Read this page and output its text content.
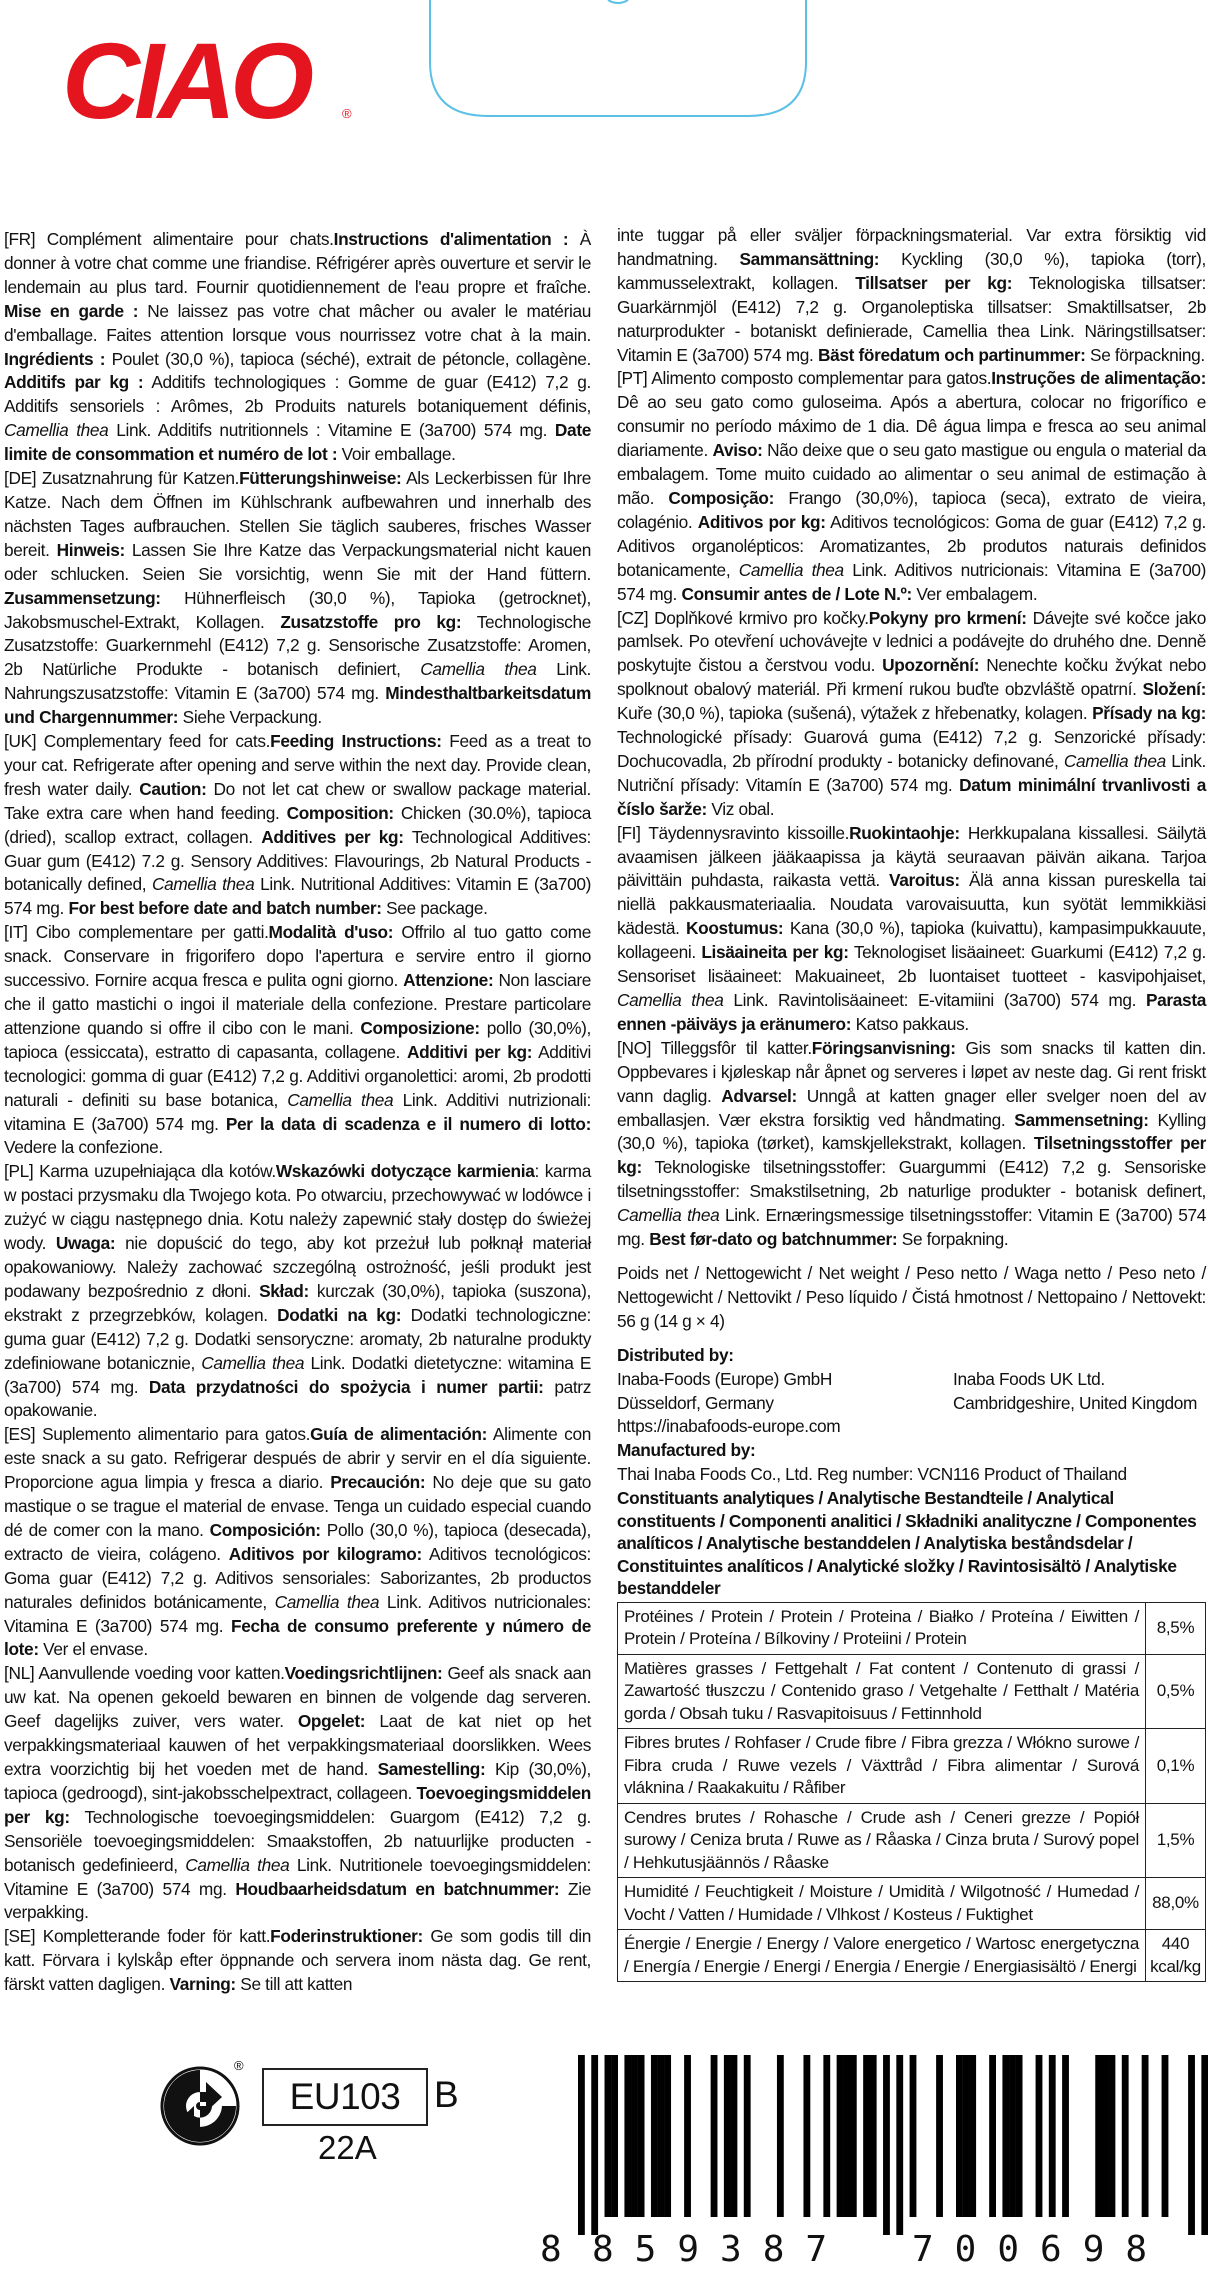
CIAO	®

[FR] Complément alimentaire pour chats.Instructions d'alimentation : À donner à votre chat comme une friandise. Réfrigérer après ouverture et servir le lendemain au plus tard. Fournir quotidiennement de l'eau propre et fraîche. Mise en garde : Ne laissez pas votre chat mâcher ou avaler le matériau d'emballage. Faites attention lorsque vous nourrissez votre chat à la main. Ingrédients : Poulet (30,0 %), tapioca (séché), extrait de pétoncle, collagène. Additifs par kg : Additifs technologiques : Gomme de guar (E412) 7,2 g. Additifs sensoriels : Arômes, 2b Produits naturels botaniquement définis, Camellia thea Link. Additifs nutritionnels : Vitamine E (3a700) 574 mg. Date limite de consommation et numéro de lot : Voir emballage.

[DE] Zusatznahrung für Katzen.Fütterungshinweise: Als Leckerbissen für Ihre Katze. Nach dem Öffnen im Kühlschrank aufbewahren und innerhalb des nächsten Tages aufbrauchen. Stellen Sie täglich sauberes, frisches Wasser bereit. Hinweis: Lassen Sie Ihre Katze das Verpackungsmaterial nicht kauen oder schlucken. Seien Sie vorsichtig, wenn Sie mit der Hand füttern. Zusammensetzung: Hühnerfleisch (30,0 %), Tapioka (getrocknet), Jakobsmuschel-Extrakt, Kollagen. Zusatzstoffe pro kg: Technologische Zusatzstoffe: Guarkernmehl (E412) 7,2 g. Sensorische Zusatzstoffe: Aromen, 2b Natürliche Produkte - botanisch definiert, Camellia thea Link. Nahrungszusatzstoffe: Vitamin E (3a700) 574 mg. Mindesthaltbarkeitsdatum und Chargennummer: Siehe Verpackung.

[UK] Complementary feed for cats.Feeding Instructions: Feed as a treat to your cat. Refrigerate after opening and serve within the next day. Provide clean, fresh water daily. Caution: Do not let cat chew or swallow package material. Take extra care when hand feeding. Composition: Chicken (30.0%), tapioca (dried), scallop extract, collagen. Additives per kg: Technological Additives: Guar gum (E412) 7.2 g. Sensory Additives: Flavourings, 2b Natural Products - botanically defined, Camellia thea Link. Nutritional Additives: Vitamin E (3a700) 574 mg. For best before date and batch number: See package.

[IT] Cibo complementare per gatti.Modalità d'uso: Offrilo al tuo gatto come snack. Conservare in frigorifero dopo l'apertura e servire entro il giorno successivo. Fornire acqua fresca e pulita ogni giorno. Attenzione: Non lasciare che il gatto mastichi o ingoi il materiale della confezione. Prestare particolare attenzione quando si offre il cibo con le mani. Composizione: pollo (30,0%), tapioca (essiccata), estratto di capasanta, collagene. Additivi per kg: Additivi tecnologici: gomma di guar (E412) 7,2 g. Additivi organolettici: aromi, 2b prodotti naturali - definiti su base botanica, Camellia thea Link. Additivi nutrizionali: vitamina E (3a700) 574 mg. Per la data di scadenza e il numero di lotto: Vedere la confezione.

[PL] Karma uzupełniająca dla kotów.Wskazówki dotyczące karmienia: karma w postaci przysmaku dla Twojego kota. Po otwarciu, przechowywać w lodówce i zużyć w ciągu następnego dnia. Kotu należy zapewnić stały dostęp do świeżej wody. Uwaga: nie dopuścić do tego, aby kot przeżuł lub połknął materiał opakowaniowy. Należy zachować szczególną ostrożność, jeśli produkt jest podawany bezpośrednio z dłoni. Skład: kurczak (30,0%), tapioka (suszona), ekstrakt z przegrzebków, kolagen. Dodatki na kg: Dodatki technologiczne: guma guar (E412) 7,2 g. Dodatki sensoryczne: aromaty, 2b naturalne produkty zdefiniowane botanicznie, Camellia thea Link. Dodatki dietetyczne: witamina E (3a700) 574 mg. Data przydatności do spożycia i numer partii: patrz opakowanie.

[ES] Suplemento alimentario para gatos.Guía de alimentación: Alimente con este snack a su gato. Refrigerar después de abrir y servir en el día siguiente. Proporcione agua limpia y fresca a diario. Precaución: No deje que su gato mastique o se trague el material de envase. Tenga un cuidado especial cuando dé de comer con la mano. Composición: Pollo (30,0 %), tapioca (desecada), extracto de vieira, colágeno. Aditivos por kilogramo: Aditivos tecnológicos: Goma guar (E412) 7,2 g. Aditivos sensoriales: Saborizantes, 2b productos naturales definidos botánicamente, Camellia thea Link. Aditivos nutricionales: Vitamina E (3a700) 574 mg. Fecha de consumo preferente y número de lote: Ver el envase.

[NL] Aanvullende voeding voor katten.Voedingsrichtlijnen: Geef als snack aan uw kat. Na openen gekoeld bewaren en binnen de volgende dag serveren. Geef dagelijks zuiver, vers water. Opgelet: Laat de kat niet op het verpakkingsmateriaal kauwen of het verpakkingsmateriaal doorslikken. Wees extra voorzichtig bij het voeden met de hand. Samestelling: Kip (30,0%), tapioca (gedroogd), sint-jakobsschelpextract, collageen. Toevoegingsmiddelen per kg: Technologische toevoegingsmiddelen: Guargom (E412) 7,2 g. Sensoriële toevoegingsmiddelen: Smaakstoffen, 2b natuurlijke producten - botanisch gedefinieerd, Camellia thea Link. Nutritionele toevoegingsmiddelen: Vitamine E (3a700) 574 mg. Houdbaarheidsdatum en batchnummer: Zie verpakking.

[SE] Kompletterande foder för katt.Foderinstruktioner: Ge som godis till din katt. Förvara i kylskåp efter öppnande och servera inom nästa dag. Ge rent, färskt vatten dagligen. Varning: Se till att katten

inte tuggar på eller sväljer förpackningsmaterial. Var extra försiktig vid handmatning. Sammansättning: Kyckling (30,0 %), tapioka (torr), kammusselextrakt, kollagen. Tillsatser per kg: Teknologiska tillsatser: Guarkärnmjöl (E412) 7,2 g. Organoleptiska tillsatser: Smaktillsatser, 2b naturprodukter - botaniskt definierade, Camellia thea Link. Näringstillsatser: Vitamin E (3a700) 574 mg. Bäst föredatum och partinummer: Se förpackning.

[PT] Alimento composto complementar para gatos.Instruções de alimentação: Dê ao seu gato como guloseima. Após a abertura, colocar no frigorífico e consumir no período máximo de 1 dia. Dê água limpa e fresca ao seu animal diariamente. Aviso: Não deixe que o seu gato mastigue ou engula o material da embalagem. Tome muito cuidado ao alimentar o seu animal de estimação à mão. Composição: Frango (30,0%), tapioca (seca), extrato de vieira, colagénio. Aditivos por kg: Aditivos tecnológicos: Goma de guar (E412) 7,2 g. Aditivos organolépticos: Aromatizantes, 2b produtos naturais definidos botanicamente, Camellia thea Link. Aditivos nutricionais: Vitamina E (3a700) 574 mg. Consumir antes de / Lote N.º: Ver embalagem.

[CZ] Doplňkové krmivo pro kočky.Pokyny pro krmení: Dávejte své kočce jako pamlsek. Po otevření uchovávejte v lednici a podávejte do druhého dne. Denně poskytujte čistou a čerstvou vodu. Upozornění: Nenechte kočku žvýkat nebo spolknout obalový materiál. Při krmení rukou buďte obzvláště opatrní. Složení: Kuře (30,0 %), tapioka (sušená), výtažek z hřebenatky, kolagen. Přísady na kg: Technologické přísady: Guarová guma (E412) 7,2 g. Senzorické přísady: Dochucovadla, 2b přírodní produkty - botanicky definované, Camellia thea Link. Nutriční přísady: Vitamín E (3a700) 574 mg. Datum minimální trvanlivosti a číslo šarže: Viz obal.

[FI] Täydennysravinto kissoille.Ruokintaohje: Herkkupalana kissallesi. Säilytä avaamisen jälkeen jääkaapissa ja käytä seuraavan päivän aikana. Tarjoa päivittäin puhdasta, raikasta vettä. Varoitus: Älä anna kissan pureskella tai niellä pakkausmateriaalia. Noudata varovaisuutta, kun syötät lemmikkiäsi kädestä. Koostumus: Kana (30,0 %), tapioka (kuivattu), kampasimpukkauute, kollageeni. Lisäaineita per kg: Teknologiset lisäaineet: Guarkumi (E412) 7,2 g. Sensoriset lisäaineet: Makuaineet, 2b luontaiset tuotteet - kasvipohjaiset, Camellia thea Link. Ravintolisäaineet: E-vitamiini (3a700) 574 mg. Parasta ennen -päiväys ja eränumero: Katso pakkaus.

[NO] Tilleggsfôr til katter.Föringsanvisning: Gis som snacks til katten din. Oppbevares i kjøleskap når åpnet og serveres i løpet av neste dag. Gi rent friskt vann daglig. Advarsel: Unngå at katten gnager eller svelger noen del av emballasjen. Vær ekstra forsiktig ved håndmating. Sammensetning: Kylling (30,0 %), tapioka (tørket), kamskjellekstrakt, kollagen. Tilsetningsstoffer per kg: Teknologiske tilsetningsstoffer: Guargummi (E412) 7,2 g. Sensoriske tilsetningsstoffer: Smakstilsetning, 2b naturlige produkter - botanisk definert, Camellia thea Link. Ernæringsmessige tilsetningsstoffer: Vitamin E (3a700) 574 mg. Best før-dato og batchnummer: Se forpakning.

Poids net / Nettogewicht / Net weight / Peso netto / Waga netto / Peso neto / Nettogewicht / Nettovikt / Peso líquido / Čistá hmotnost / Nettopaino / Nettovekt: 56 g (14 g × 4)

Distributed by:

Inaba-Foods (Europe) GmbH
Düsseldorf, Germany
https://inabafoods-europe.com
Inaba Foods UK Ltd.
Cambridgeshire, United Kingdom

Manufactured by:

Thai Inaba Foods Co., Ltd. Reg number: VCN116 Product of Thailand

Constituants analytiques / Analytische Bestandteile / Analytical constituents / Componenti analitici / Składniki analityczne / Componentes analíticos / Analytische bestanddelen / Analytiska beståndsdelar / Constituintes analíticos / Analytické složky / Ravintosisältö / Analytiske bestanddeler

Protéines / Protein / Protein / Proteina / Białko / Proteína / Eiwitten / Protein / Proteína / Bílkoviny / Proteiini / Protein	8,5%
Matières grasses / Fettgehalt / Fat content / Contenuto di grassi / Zawartość tłuszczu / Contenido graso / Vetgehalte / Fetthalt / Matéria gorda / Obsah tuku / Rasvapitoisuus / Fettinnhold	0,5%
Fibres brutes / Rohfaser / Crude fibre / Fibra grezza / Włókno surowe / Fibra cruda / Ruwe vezels / Växttråd / Fibra alimentar / Surová vláknina / Raakakuitu / Råfiber	0,1%
Cendres brutes / Rohasche / Crude ash / Ceneri grezze / Popiół surowy / Ceniza bruta / Ruwe as / Råaska / Cinza bruta / Surový popel / Hehkutusjäännös / Råaske	1,5%
Humidité / Feuchtigkeit / Moisture / Umidità / Wilgotność / Humedad / Vocht / Vatten / Humidade / Vlhkost / Kosteus / Fuktighet	88,0%
Énergie / Energie / Energy / Valore energetico / Wartosc energetyczna / Energía / Energie / Energi / Energia / Energie / Energiasisältö / Energi	440 kcal/kg
®
EU103 B
22A
8 859387 700698
